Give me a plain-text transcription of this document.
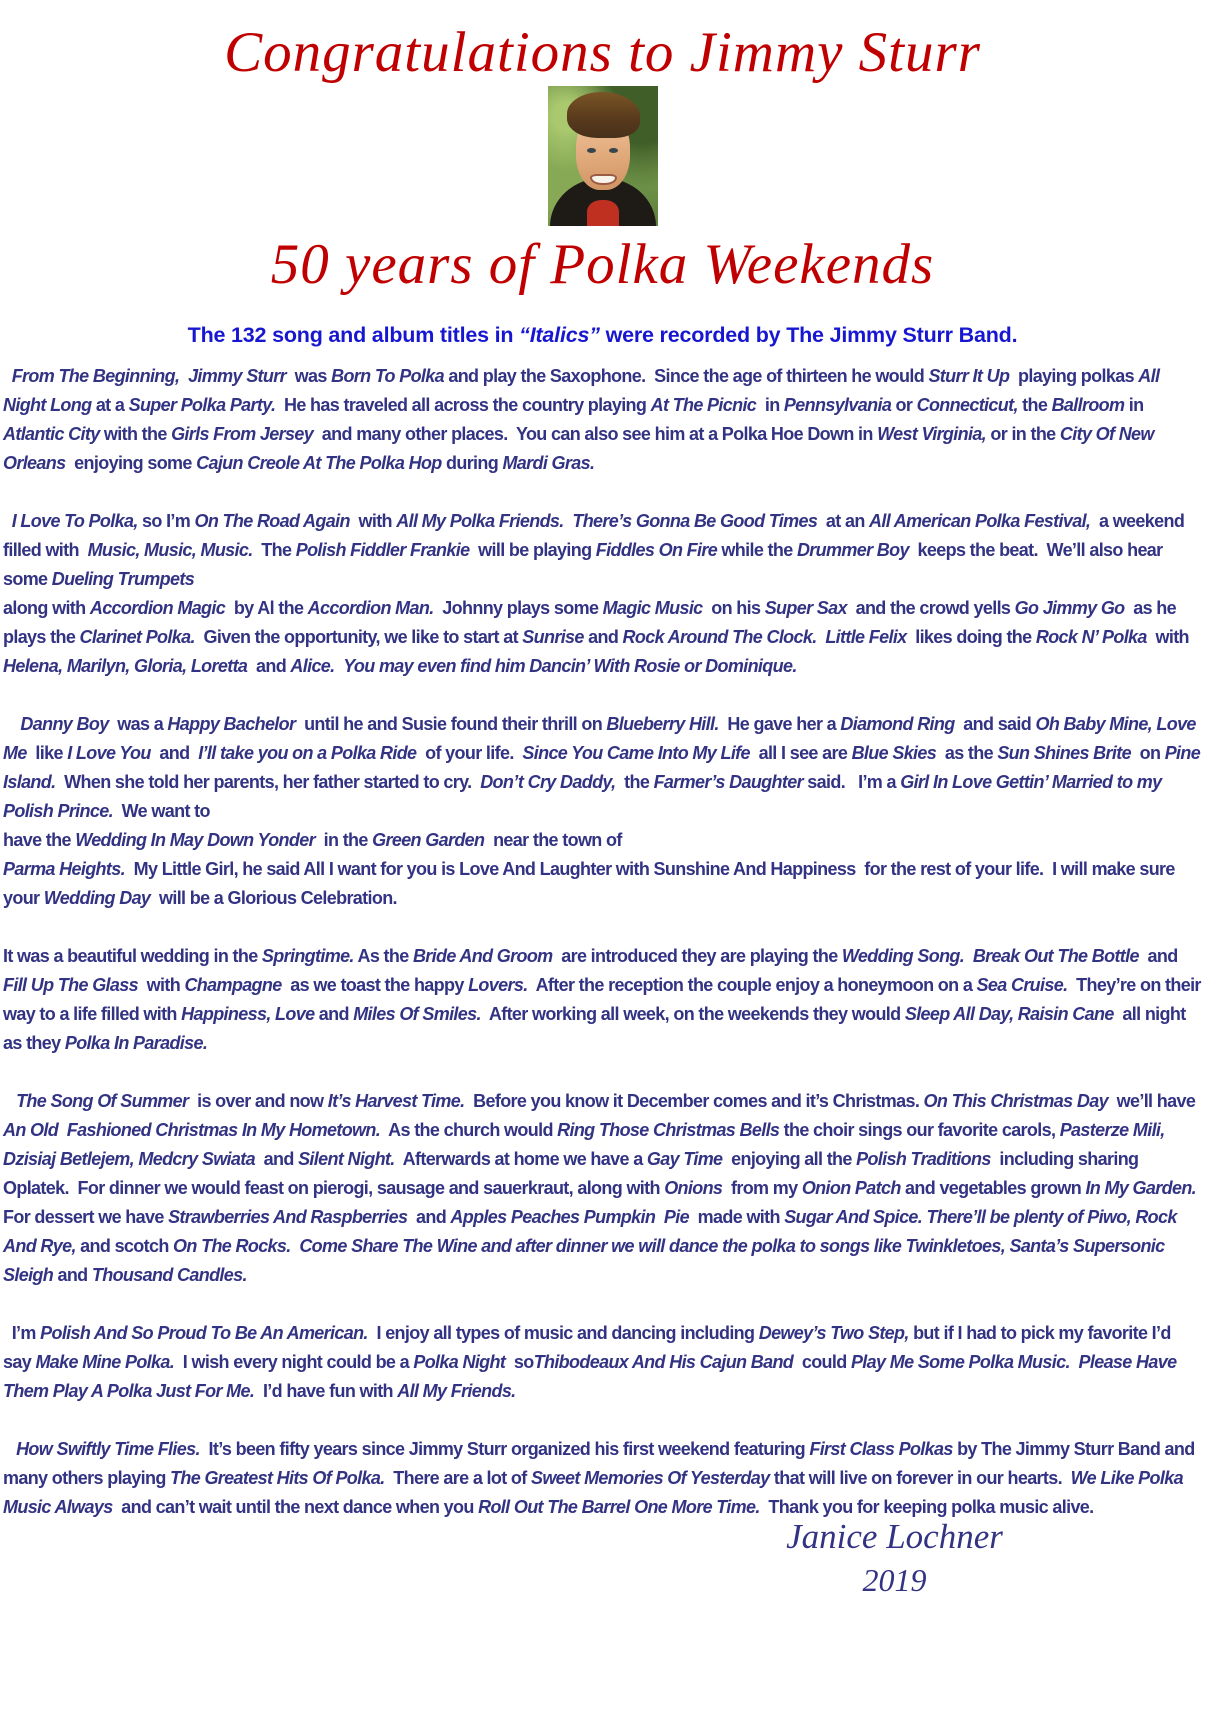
Congratulations to Jimmy Sturr
50 years of Polka Weekends
The 132 song and album titles in “Italics” were recorded by The Jimmy Sturr Band.

From The Beginning, Jimmy Sturr  was Born To Polka and play the Saxophone.  Since the age of thirteen he would Sturr It Up  playing polkas All Night Long at a Super Polka Party.  He has traveled all across the country playing At The Picnic  in Pennsylvania or Connecticut, the Ballroom in Atlantic City with the Girls From Jersey  and many other places.  You can also see him at a Polka Hoe Down in West Virginia, or in the City Of New Orleans  enjoying some Cajun Creole At The Polka Hop during Mardi Gras.

I Love To Polka, so I’m On The Road Again  with All My Polka Friends. There’s Gonna Be Good Times  at an All American Polka Festival,  a weekend filled with  Music, Music, Music.  The Polish Fiddler Frankie  will be playing Fiddles On Fire while the Drummer Boy  keeps the beat.  We’ll also hear some Dueling Trumpets
along with Accordion Magic  by Al the Accordion Man.  Johnny plays some Magic Music  on his Super Sax  and the crowd yells Go Jimmy Go  as he plays the Clarinet Polka.  Given the opportunity, we like to start at Sunrise and Rock Around The Clock. Little Felix  likes doing the Rock N’ Polka  with Helena, Marilyn, Gloria, Loretta  and Alice. You may even find him Dancin’ With Rosie or Dominique.

Danny Boy  was a Happy Bachelor  until he and Susie found their thrill on Blueberry Hill.  He gave her a Diamond Ring  and said Oh Baby Mine, Love Me  like I Love You  and  I’ll take you on a Polka Ride  of your life.  Since You Came Into My Life  all I see are Blue Skies  as the Sun Shines Brite  on Pine Island.  When she told her parents, her father started to cry.  Don’t Cry Daddy,  the Farmer’s Daughter said.   I’m a Girl In Love Gettin’ Married to my Polish Prince.  We want to
have the Wedding In May Down Yonder  in the Green Garden  near the town of
Parma Heights.  My Little Girl, he said All I want for you is Love And Laughter with Sunshine And Happiness  for the rest of your life.  I will make sure your Wedding Day  will be a Glorious Celebration.

It was a beautiful wedding in the Springtime. As the Bride And Groom  are introduced they are playing the Wedding Song. Break Out The Bottle  and Fill Up The Glass  with Champagne  as we toast the happy Lovers.  After the reception the couple enjoy a honeymoon on a Sea Cruise.  They’re on their way to a life filled with Happiness, Love and Miles Of Smiles.  After working all week, on the weekends they would Sleep All Day, Raisin Cane  all night as they Polka In Paradise.

The Song Of Summer  is over and now It’s Harvest Time.  Before you know it December comes and it’s Christmas. On This Christmas Day  we’ll have An Old  Fashioned Christmas In My Hometown.  As the church would Ring Those Christmas Bells the choir sings our favorite carols, Pasterze Mili, Dzisiaj Betlejem, Medcry Swiata  and Silent Night.  Afterwards at home we have a Gay Time  enjoying all the Polish Traditions  including sharing Oplatek.  For dinner we would feast on pierogi, sausage and sauerkraut, along with Onions  from my Onion Patch and vegetables grown In My Garden.  For dessert we have Strawberries And Raspberries  and Apples Peaches Pumpkin  Pie  made with Sugar And Spice. There’ll be plenty of Piwo, Rock And Rye, and scotch On The Rocks. Come Share The Wine and after dinner we will dance the polka to songs like Twinkletoes, Santa’s Supersonic Sleigh and Thousand Candles.

I’m Polish And So Proud To Be An American.  I enjoy all types of music and dancing including Dewey’s Two Step, but if I had to pick my favorite I’d say Make Mine Polka.  I wish every night could be a Polka Night  soThibodeaux And His Cajun Band  could Play Me Some Polka Music. Please Have Them Play A Polka Just For Me.  I’d have fun with All My Friends.

How Swiftly Time Flies.  It’s been fifty years since Jimmy Sturr organized his first weekend featuring First Class Polkas by The Jimmy Sturr Band and many others playing The Greatest Hits Of Polka.  There are a lot of Sweet Memories Of Yesterday that will live on forever in our hearts.  We Like Polka Music Always  and can’t wait until the next dance when you Roll Out The Barrel One More Time.  Thank you for keeping polka music alive.

Janice Lochner
2019
